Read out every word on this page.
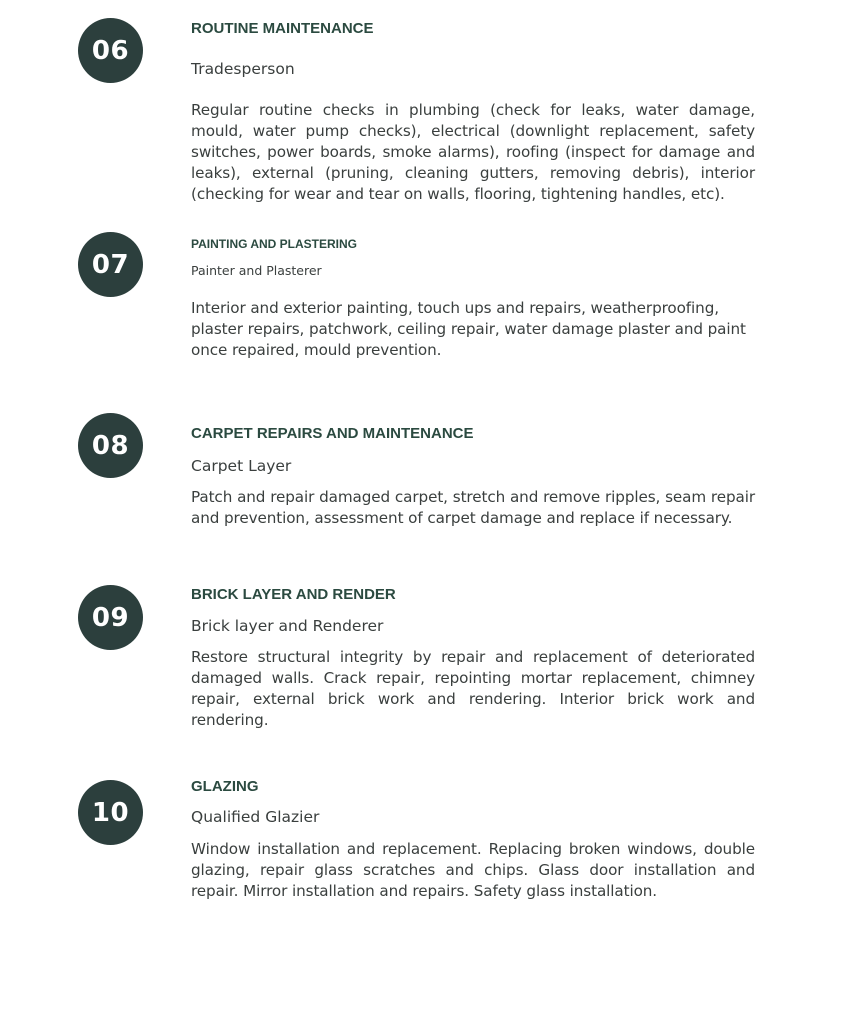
06
ROUTINE MAINTENANCE

Tradesperson

Regular routine checks in plumbing (check for leaks, water damage, mould, water pump checks), electrical (downlight replacement, safety switches, power boards, smoke alarms), roofing (inspect for damage and leaks), external (pruning, cleaning gutters, removing debris), interior (checking for wear and tear on walls, flooring, tightening handles, etc).

07
PAINTING AND PLASTERING

Painter and Plasterer

Interior and exterior painting, touch ups and repairs, weatherproofing, plaster repairs, patchwork, ceiling repair, water damage plaster and paint once repaired, mould prevention.

08	CARPET REPAIRS AND MAINTENANCE

Carpet Layer

Patch and repair damaged carpet, stretch and remove ripples, seam repair and prevention, assessment of carpet damage and replace if necessary.

09
BRICK LAYER AND RENDER

Brick layer and Renderer

Restore structural integrity by repair and replacement of deteriorated damaged walls. Crack repair, repointing mortar replacement, chimney repair, external brick work and rendering. Interior brick work and rendering.

10
GLAZING

Qualified Glazier

Window installation and replacement. Replacing broken windows, double glazing, repair glass scratches and chips. Glass door installation and repair. Mirror installation and repairs. Safety glass installation.
